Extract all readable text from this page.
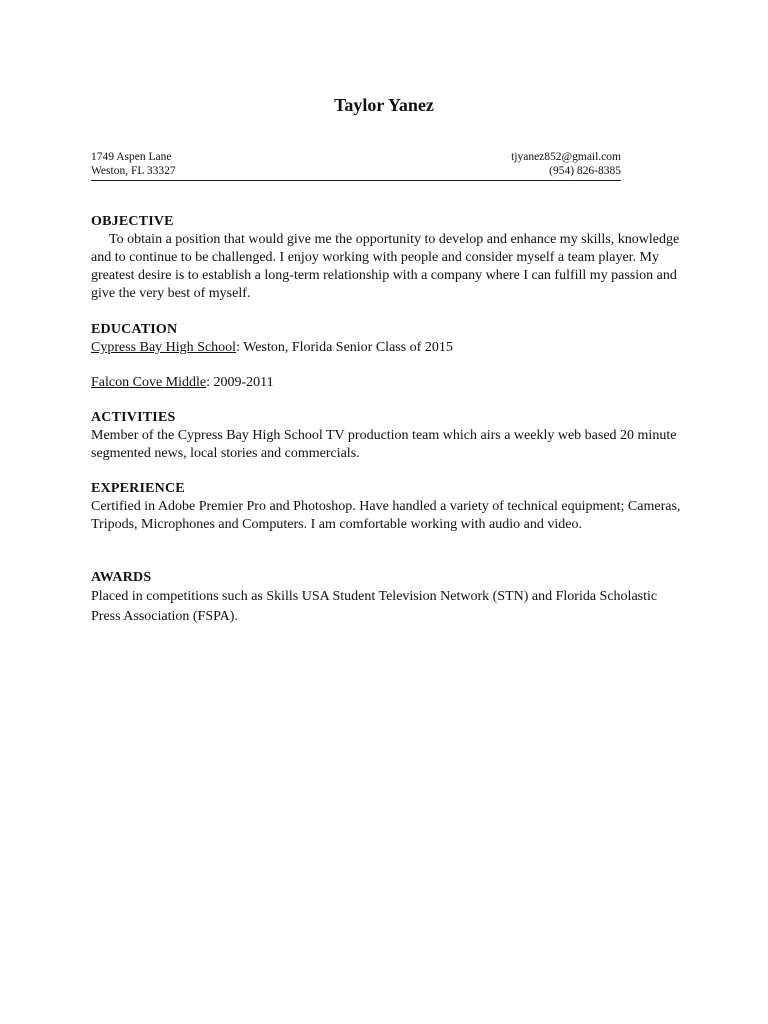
Taylor Yanez
1749 Aspen Lane
Weston, FL 33327
tjyanez852@gmail.com
(954) 826-8385
OBJECTIVE
To obtain a position that would give me the opportunity to develop and enhance my skills, knowledge and to continue to be challenged. I enjoy working with people and consider myself a team player. My greatest desire is to establish a long-term relationship with a company where I can fulfill my passion and give the very best of myself.
EDUCATION
Cypress Bay High School: Weston, Florida Senior Class of 2015
Falcon Cove Middle: 2009-2011
ACTIVITIES
Member of the Cypress Bay High School TV production team which airs a weekly web based 20 minute segmented news, local stories and commercials.
EXPERIENCE
Certified in Adobe Premier Pro and Photoshop. Have handled a variety of technical equipment; Cameras, Tripods, Microphones and Computers. I am comfortable working with audio and video.
AWARDS
Placed in competitions such as Skills USA Student Television Network (STN) and Florida Scholastic Press Association (FSPA).
